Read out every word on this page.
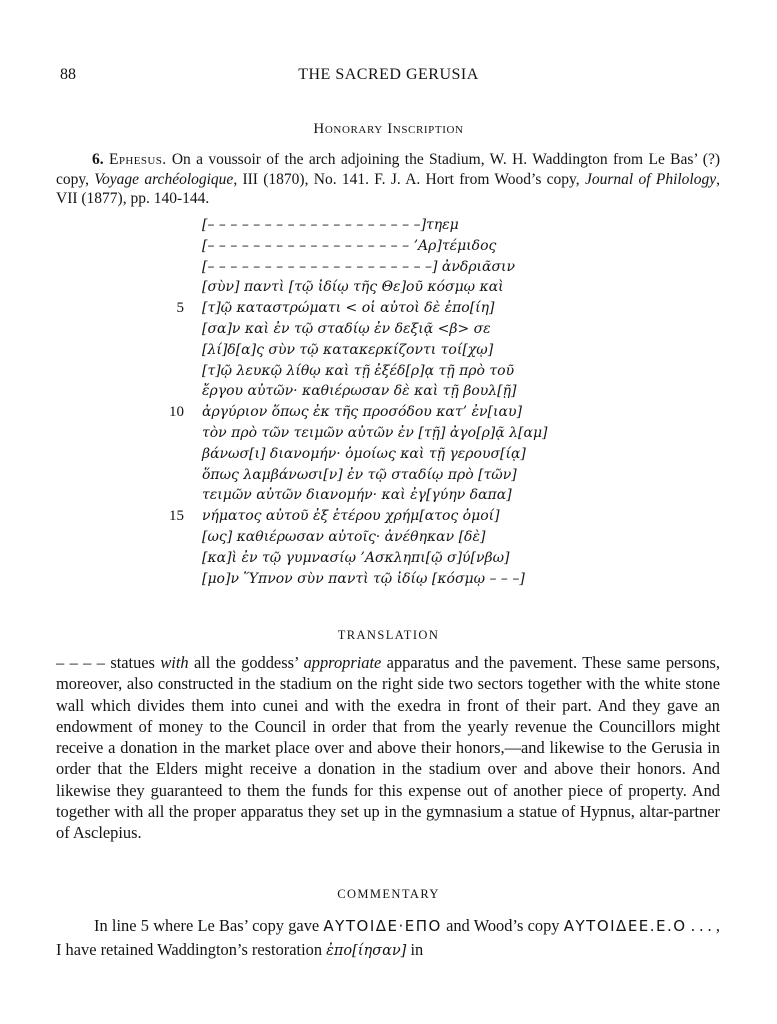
88	THE SACRED GERUSIA
Honorary Inscription
6. Ephesus. On a voussoir of the arch adjoining the Stadium, W. H. Waddington from Le Bas’ (?) copy, Voyage archéologique, III (1870), No. 141. F. J. A. Hort from Wood’s copy, Journal of Philology, VII (1877), pp. 140-144.
[– – – – – – – – – – – – – – – – – – –]τηεμ
[– – – – – – – – – – – – – – – – – – ’Αρ]τέμιδος
[– – – – – – – – – – – – – – – – – – – –] ἀνδριᾶσιν
[σὺν] παντὶ [τῷ ἰδίῳ τῆς Θε]οῦ κόσμῳ καὶ
5 [τ]ῷ καταστρώματι < οἱ αὐτοὶ δὲ ἐπο[ίη]
[σα]ν καὶ ἐν τῷ σταδίῳ ἐν δεξιᾷ <β> σε
[λί]δ[α]ς σὺν τῷ κατακερκίζοντι τοί[χῳ]
[τ]ῷ λευκῷ λίθῳ καὶ τῇ ἐξέδ[ρ]ᾳ τῇ πρὸ τοῦ
ἔργου αὐτῶν· καθιέρωσαν δὲ καὶ τῇ βουλ[ῇ]
10 ἀργύριον ὅπως ἐκ τῆς προσόδου κατ’ ἐν[ιαυ]
τὸν πρὸ τῶν τειμῶν αὐτῶν ἐν [τῇ] ἀγο[ρ]ᾷ λ[αμ]
βάνωσ[ι] διανομήν· ὁμοίως καὶ τῇ γερουσ[ίᾳ]
ὅπως λαμβάνωσι[ν] ἐν τῷ σταδίῳ πρὸ [τῶν]
τειμῶν αὐτῶν διανομήν· καὶ ἐγ[γύην δαπα]
15 νήματος αὐτοῦ ἐξ ἑτέρου χρήμ[ατος ὁμοί]
[ως] καθιέρωσαν αὐτοῖς· ἀνέθηκαν [δὲ]
[κα]ὶ ἐν τῷ γυμνασίῳ ’Ασκληπι[ῷ σ]ύ[νβω]
[μο]ν Ὕπνον σὺν παντὶ τῷ ἰδίῳ [κόσμῳ – – –]
TRANSLATION
– – – – statues with all the goddess’ appropriate apparatus and the pavement. These same persons, moreover, also constructed in the stadium on the right side two sectors together with the white stone wall which divides them into cunei and with the exedra in front of their part. And they gave an endowment of money to the Council in order that from the yearly revenue the Councillors might receive a donation in the market place over and above their honors,—and likewise to the Gerusia in order that the Elders might receive a donation in the stadium over and above their honors. And likewise they guaranteed to them the funds for this expense out of another piece of property. And together with all the proper apparatus they set up in the gymnasium a statue of Hypnus, altar-partner of Asclepius.
COMMENTARY
In line 5 where Le Bas’ copy gave ΑΥΤΟΙΔΕ·ΕΠΟ and Wood’s copy ΑΥΤΟΙΔΕΕ.Ε.Ο . . . , I have retained Waddington’s restoration ἐπο[ίησαν] in
